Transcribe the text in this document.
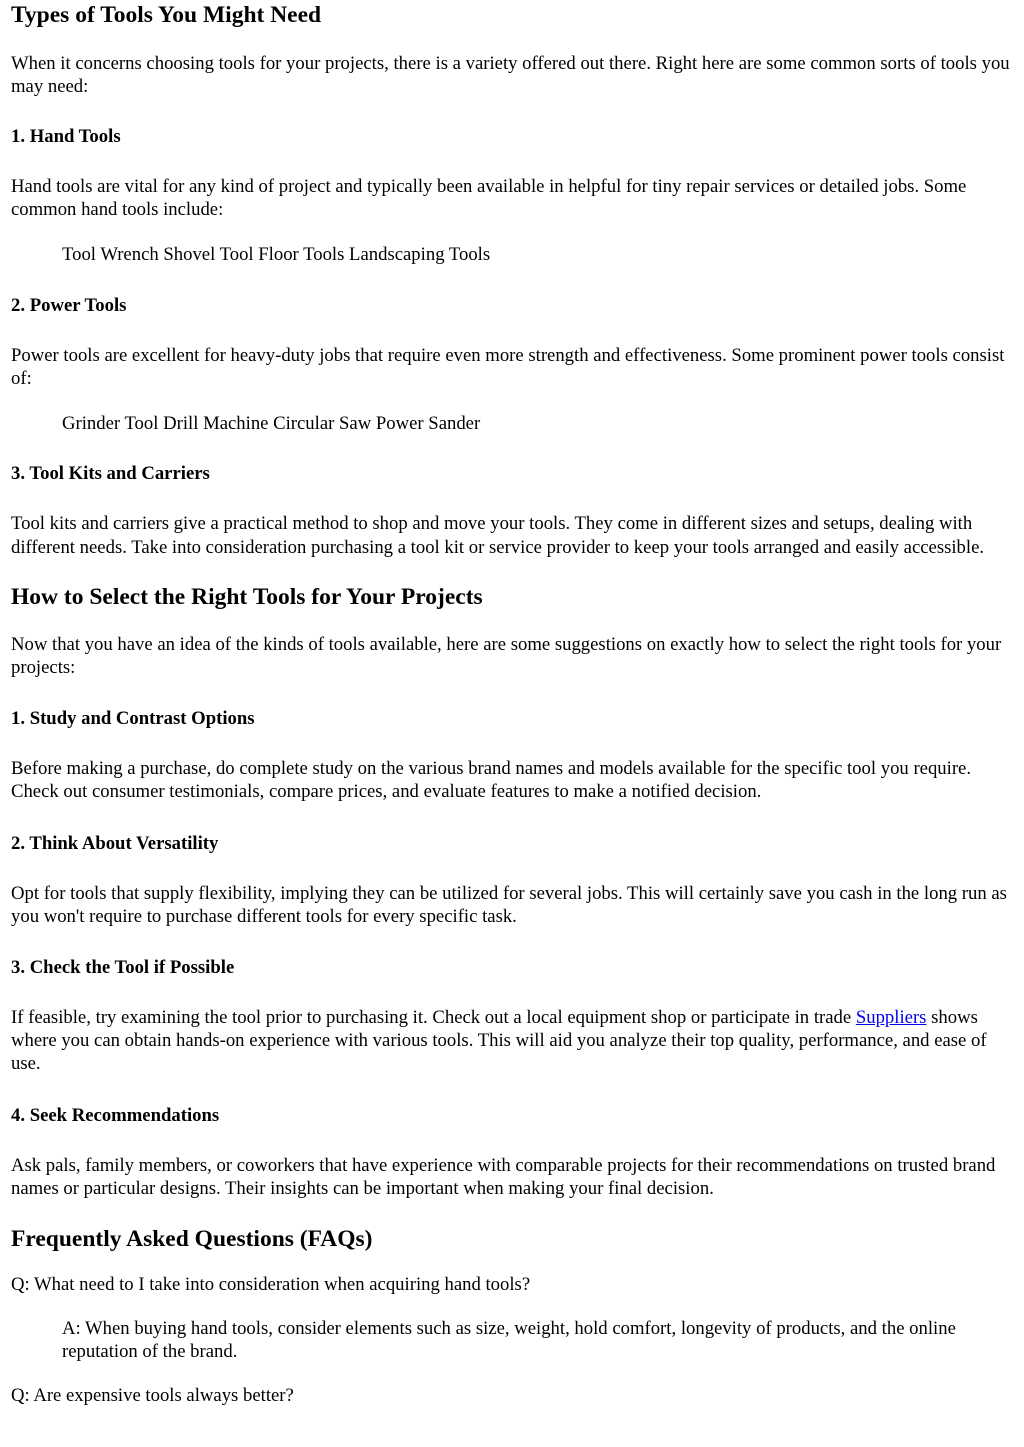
Types of Tools You Might Need

When it concerns choosing tools for your projects, there is a variety offered out there. Right here are some common sorts of tools you may need:

1. Hand Tools

Hand tools are vital for any kind of project and typically been available in helpful for tiny repair services or detailed jobs. Some common hand tools include:

Tool Wrench Shovel Tool Floor Tools Landscaping Tools
2. Power Tools

Power tools are excellent for heavy-duty jobs that require even more strength and effectiveness. Some prominent power tools consist of:

Grinder Tool Drill Machine Circular Saw Power Sander
3. Tool Kits and Carriers

Tool kits and carriers give a practical method to shop and move your tools. They come in different sizes and setups, dealing with different needs. Take into consideration purchasing a tool kit or service provider to keep your tools arranged and easily accessible.

How to Select the Right Tools for Your Projects

Now that you have an idea of the kinds of tools available, here are some suggestions on exactly how to select the right tools for your projects:

1. Study and Contrast Options

Before making a purchase, do complete study on the various brand names and models available for the specific tool you require. Check out consumer testimonials, compare prices, and evaluate features to make a notified decision.

2. Think About Versatility

Opt for tools that supply flexibility, implying they can be utilized for several jobs. This will certainly save you cash in the long run as you won't require to purchase different tools for every specific task.

3. Check the Tool if Possible

If feasible, try examining the tool prior to purchasing it. Check out a local equipment shop or participate in trade Suppliers shows where you can obtain hands-on experience with various tools. This will aid you analyze their top quality, performance, and ease of use.

4. Seek Recommendations

Ask pals, family members, or coworkers that have experience with comparable projects for their recommendations on trusted brand names or particular designs. Their insights can be important when making your final decision.

Frequently Asked Questions (FAQs)

Q: What need to I take into consideration when acquiring hand tools?

A: When buying hand tools, consider elements such as size, weight, hold comfort, longevity of products, and the online reputation of the brand.

Q: Are expensive tools always better?
